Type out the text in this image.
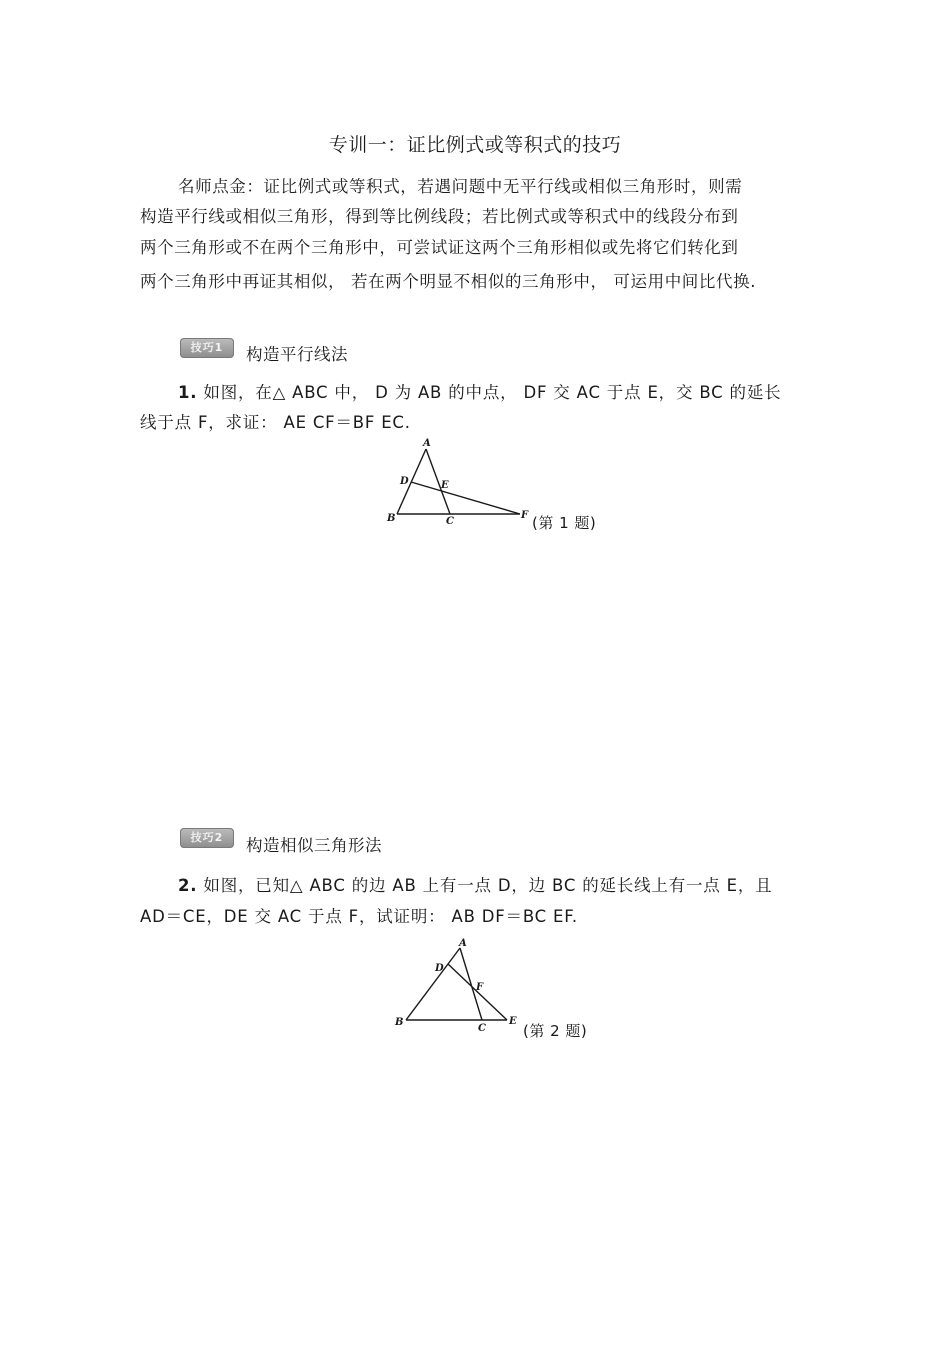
专训一：证比例式或等积式的技巧
名师点金：证比例式或等积式，若遇问题中无平行线或相似三角形时，则需
构造平行线或相似三角形，得到等比例线段；若比例式或等积式中的线段分布到
两个三角形或不在两个三角形中，可尝试证这两个三角形相似或先将它们转化到
两个三角形中再证其相似， 若在两个明显不相似的三角形中， 可运用中间比代换.
技巧1	构造平行线法
1. 如图，在△ ABC 中， D 为 AB 的中点， DF 交 AC 于点 E，交 BC 的延长
线于点 F，求证： AE CF＝BF EC.
A
D	E
B	C
F (第 1 题)
技巧2	构造相似三角形法
2. 如图，已知△ ABC 的边 AB 上有一点 D，边 BC 的延长线上有一点 E，且
AD＝CE，DE 交 AC 于点 F，试证明： AB DF＝BC EF.
A
D
F
B
C
E
(第 2 题)
